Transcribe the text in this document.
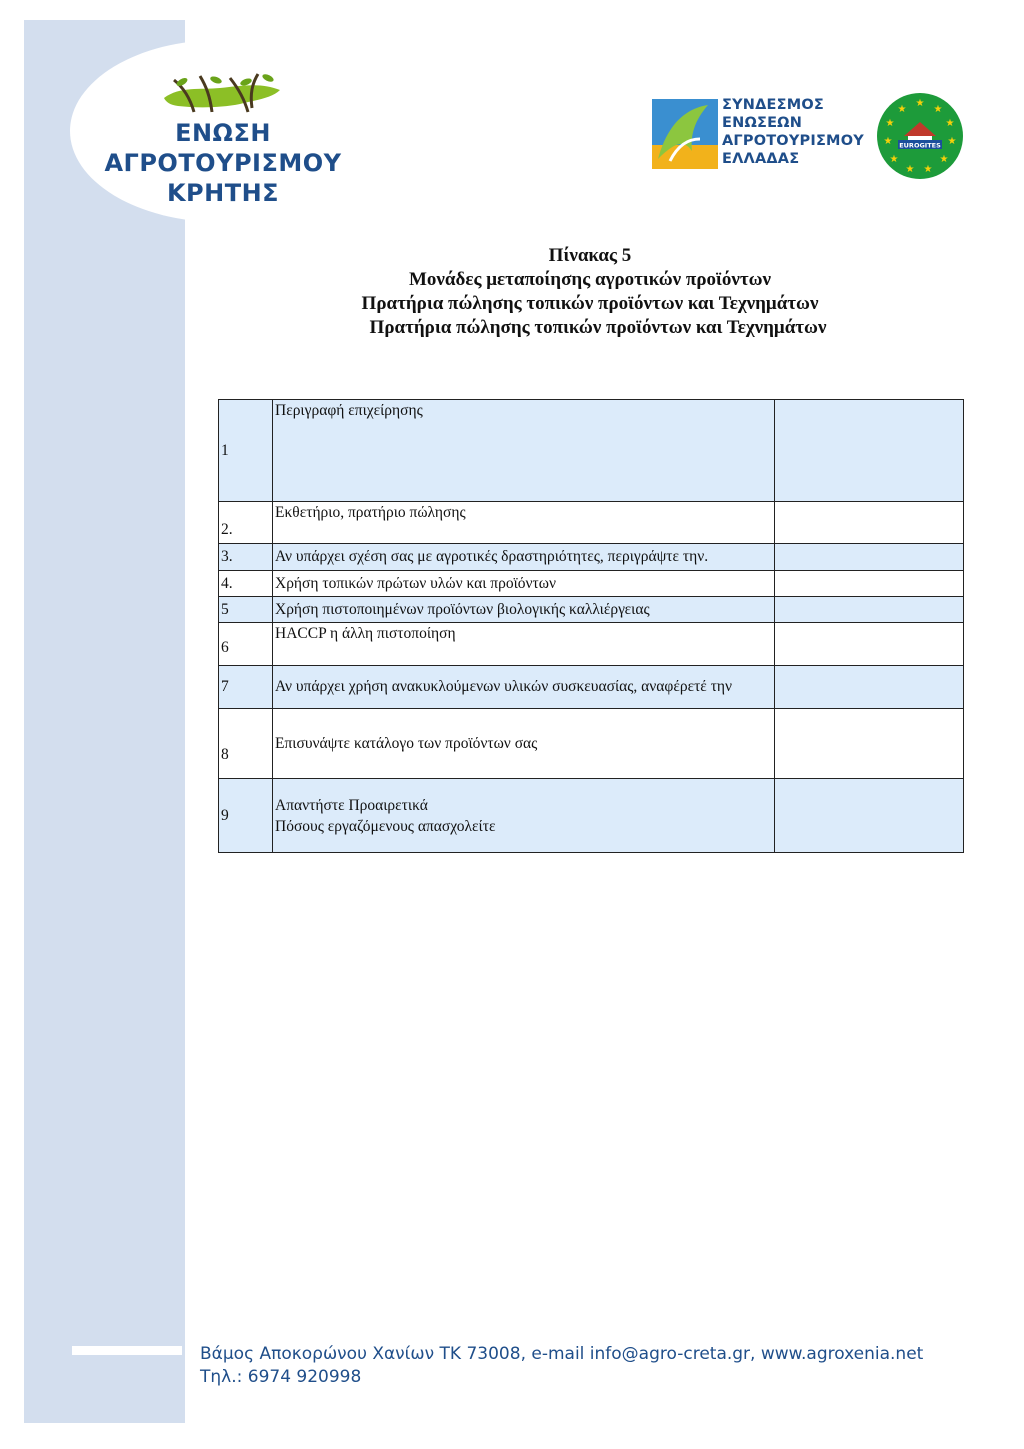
ΕΝΩΣΗ
ΑΓΡΟΤΟΥΡΙΣΜΟΥ
ΚΡΗΤΗΣ
ΣΥΝΔΕΣΜΟΣ
ΕΝΩΣΕΩΝ
ΑΓΡΟΤΟΥΡΙΣΜΟΥ
ΕΛΛΑΔΑΣ
★
★
★
★
★
★
★
★
★
★
★
EUROGITES
Πίνακας 5
Μονάδες μεταποίησης αγροτικών προϊόντων
Πρατήρια πώλησης τοπικών προϊόντων και Τεχνημάτων
Πρατήρια πώλησης τοπικών προϊόντων και Τεχνημάτων
1	Περιγραφή επιχείρησης	
2.	Εκθετήριο, πρατήριο πώλησης	
3.	Αν υπάρχει σχέση σας με αγροτικές δραστηριότητες, περιγράψτε την.	
4.	Χρήση τοπικών πρώτων υλών και προϊόντων	
5	Χρήση πιστοποιημένων προϊόντων βιολογικής καλλιέργειας	
6	HACCP η άλλη πιστοποίηση	
7	Αν υπάρχει χρήση ανακυκλούμενων υλικών συσκευασίας, αναφέρετέ την	
8	Επισυνάψτε κατάλογο των προϊόντων σας	
9	Απαντήστε Προαιρετικά
Πόσους εργαζόμενους απασχολείτε	

Βάμος Αποκορώνου Χανίων ΤΚ 73008, e-mail info@agro-creta.gr, www.agroxenia.net
Τηλ.: 6974 920998
